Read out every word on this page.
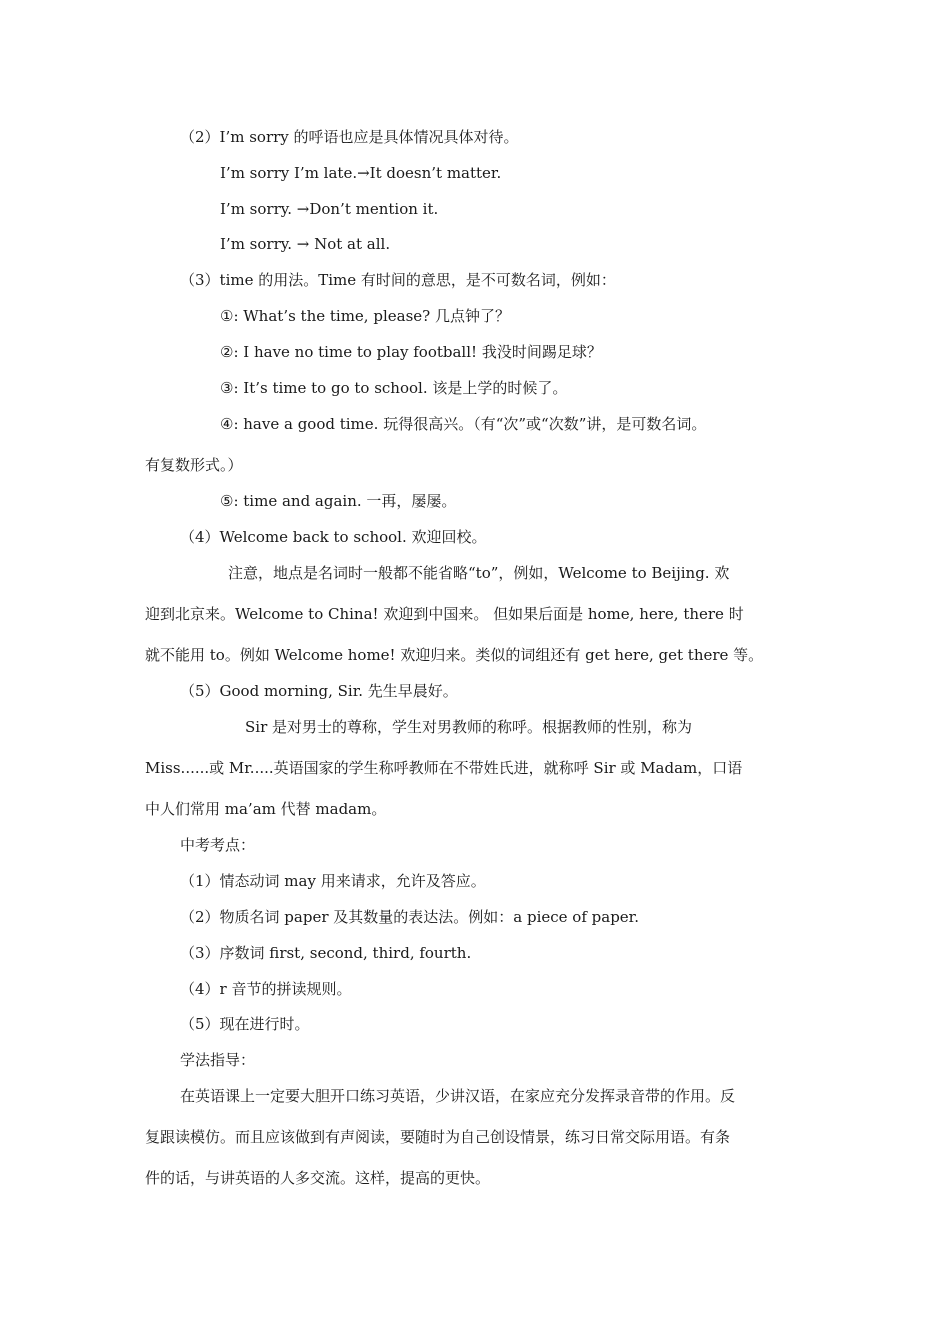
（2）I’m sorry 的呼语也应是具体情况具体对待。
I’m sorry I’m late.→It doesn’t matter.
I’m sorry. →Don’t mention it.
I’m sorry. → Not at all.
（3）time 的用法。Time 有时间的意思，是不可数名词，例如：
①: What’s the time, please? 几点钟了？
②: I have no time to play football! 我没时间踢足球？
③: It’s time to go to school. 该是上学的时候了。
④: have a good time. 玩得很高兴。（有“次”或“次数”讲，是可数名词。
有复数形式。）
⑤: time and again. 一再，屡屡。
（4）Welcome back to school. 欢迎回校。
注意，地点是名词时一般都不能省略“to”，例如，Welcome to Beijing. 欢
迎到北京来。Welcome to China! 欢迎到中国来。 但如果后面是 home, here, there 时
就不能用 to。例如 Welcome home! 欢迎归来。类似的词组还有 get here, get there 等。
（5）Good morning, Sir. 先生早晨好。
Sir 是对男士的尊称，学生对男教师的称呼。根据教师的性别，称为
Miss......或 Mr.....英语国家的学生称呼教师在不带姓氏进，就称呼 Sir 或 Madam，口语
中人们常用 ma’am 代替 madam。
中考考点：
（1）情态动词 may 用来请求，允许及答应。
（2）物质名词 paper 及其数量的表达法。例如：a piece of paper.
（3）序数词 first, second, third, fourth.
（4）r 音节的拼读规则。
（5）现在进行时。
学法指导：
在英语课上一定要大胆开口练习英语，少讲汉语，在家应充分发挥录音带的作用。反
复跟读模仿。而且应该做到有声阅读，要随时为自己创设情景，练习日常交际用语。有条
件的话，与讲英语的人多交流。这样，提高的更快。
